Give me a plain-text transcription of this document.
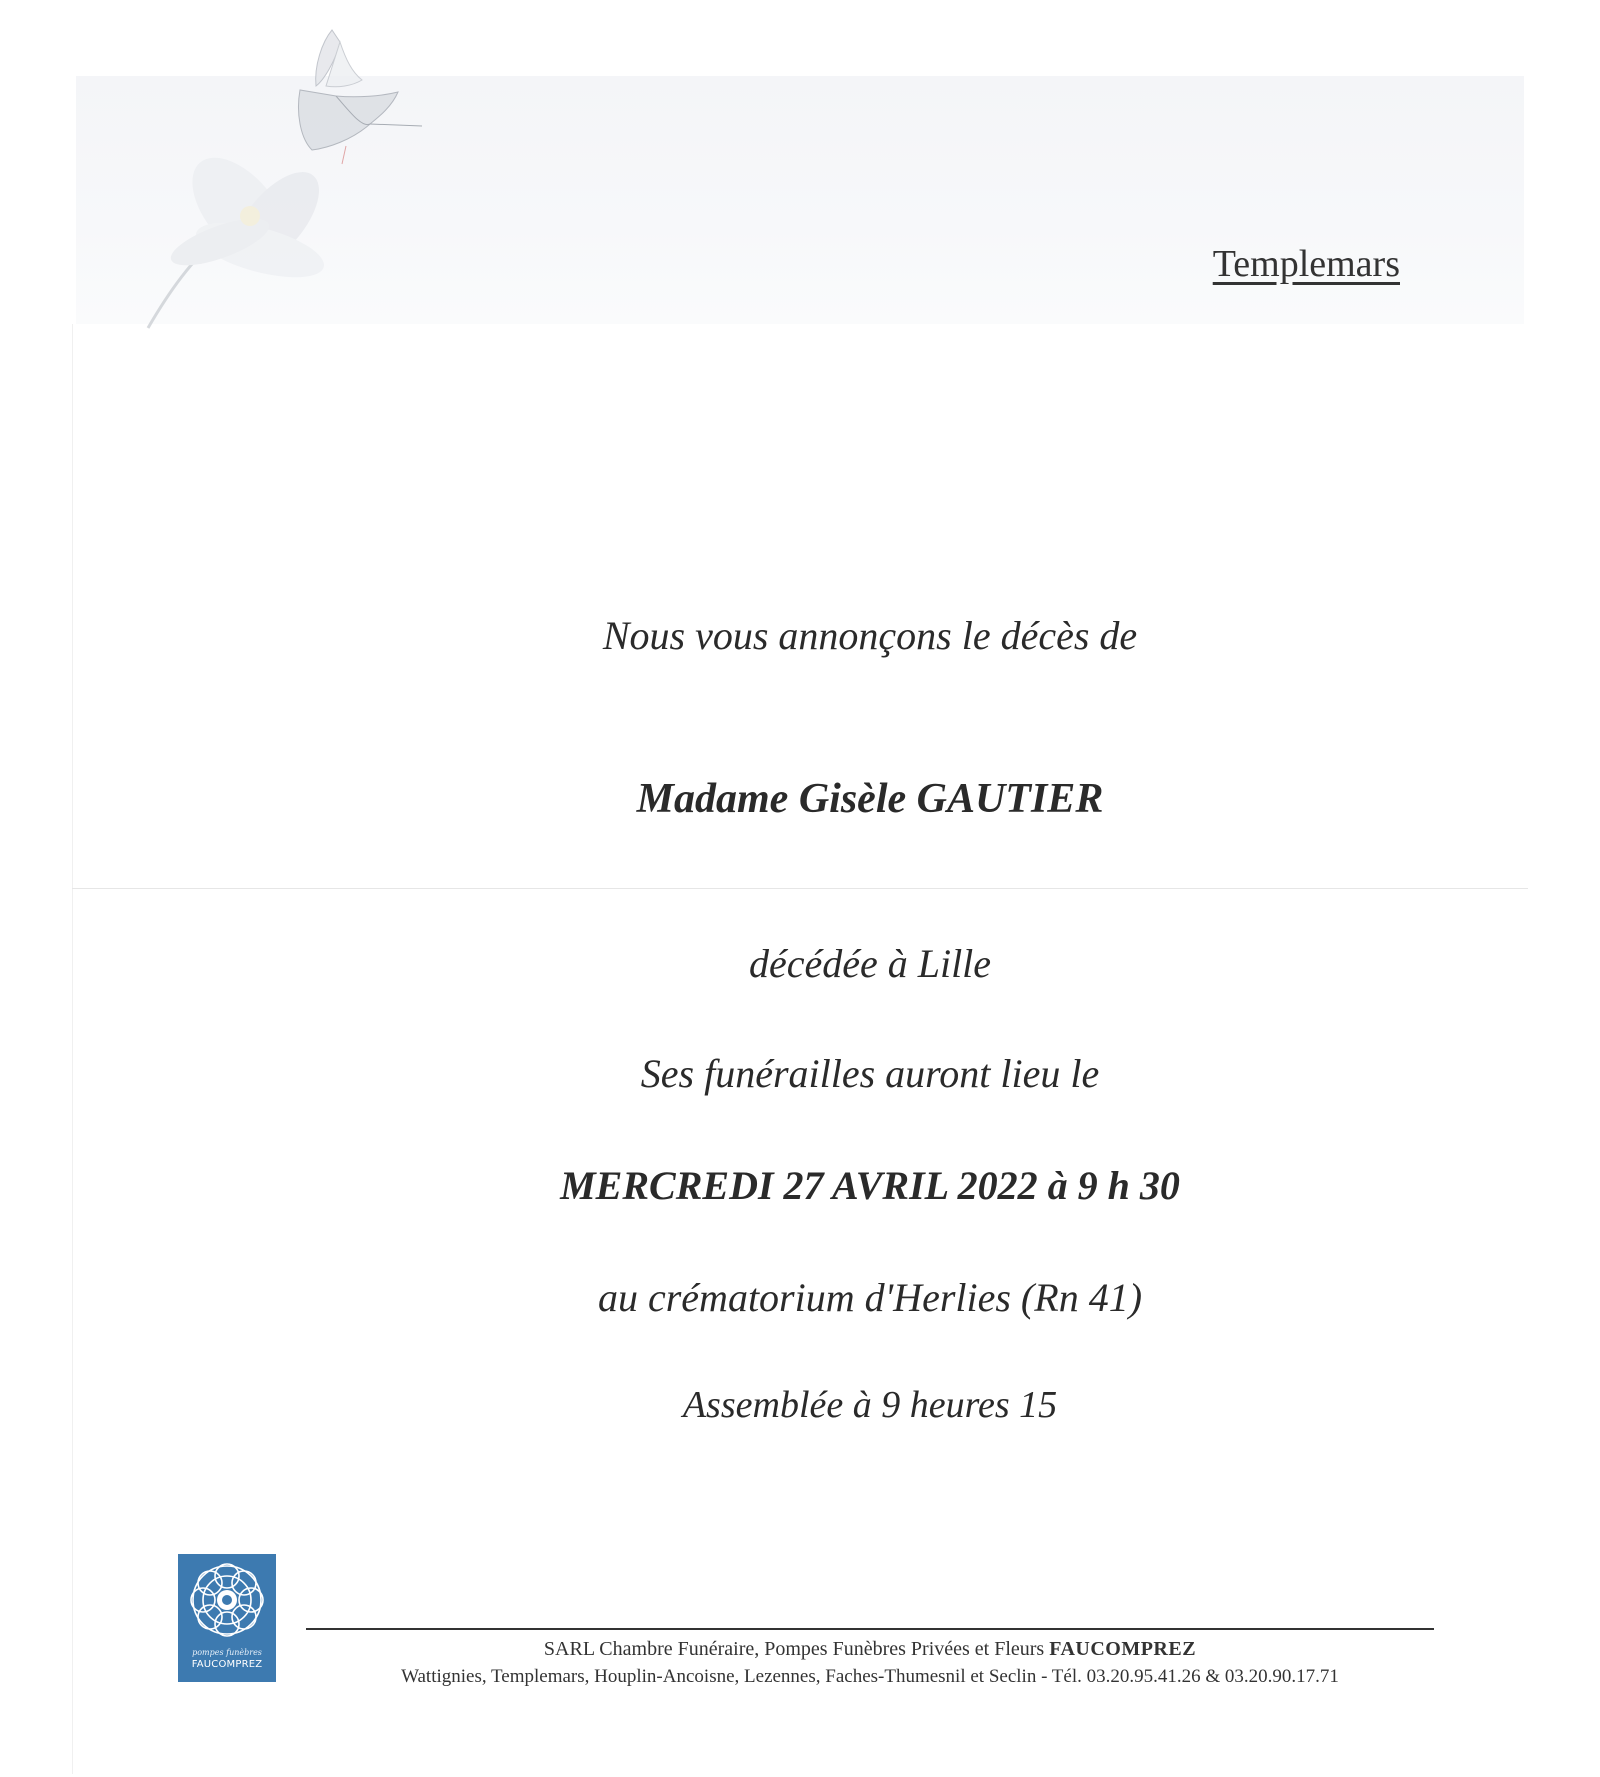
Templemars
Nous vous annonçons le décès de
Madame Gisèle GAUTIER
décédée à Lille
Ses funérailles auront lieu le
MERCREDI 27 AVRIL 2022 à 9 h 30
au crématorium d'Herlies (Rn 41)
Assemblée à 9 heures 15
pompes funèbres
FAUCOMPREZ
SARL Chambre Funéraire, Pompes Funèbres Privées et Fleurs FAUCOMPREZ
Wattignies, Templemars, Houplin-Ancoisne, Lezennes, Faches-Thumesnil et Seclin - Tél. 03.20.95.41.26 & 03.20.90.17.71
